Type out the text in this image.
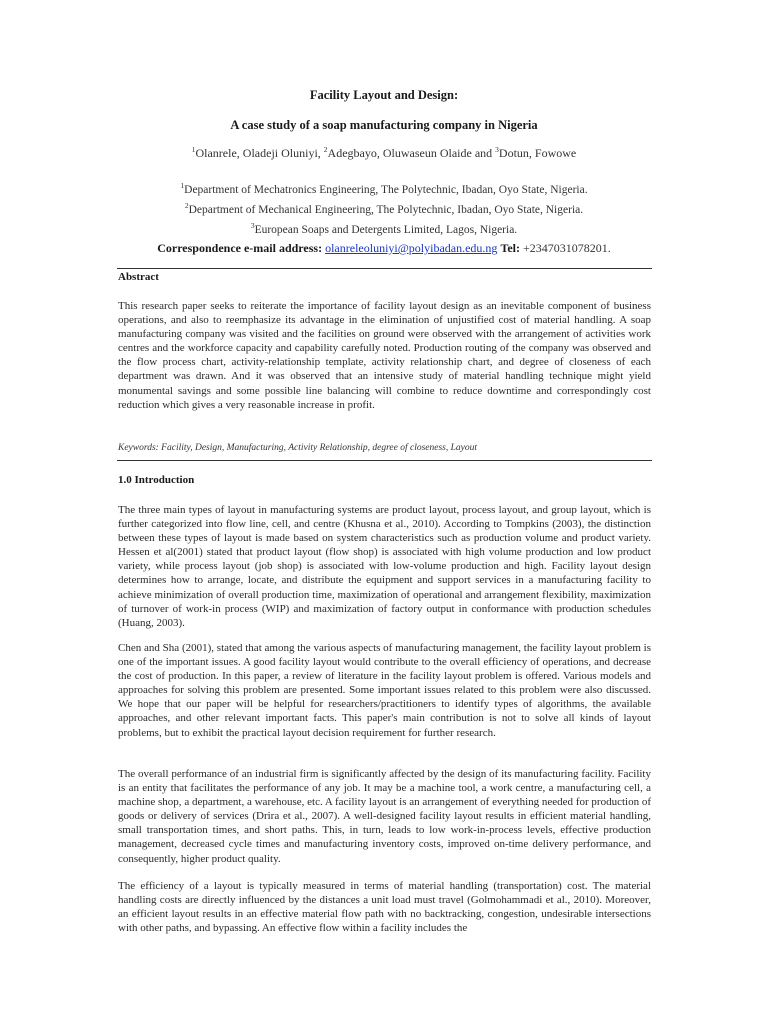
Facility Layout and Design:
A case study of a soap manufacturing company in Nigeria
$^1$Olanrele, Oladeji Oluniyi, $^2$Adegbayo, Oluwaseun Olaide and $^3$Dotun, Fowowe
$^1$Department of Mechatronics Engineering, The Polytechnic, Ibadan, Oyo State, Nigeria.
$^2$Department of Mechanical Engineering, The Polytechnic, Ibadan, Oyo State, Nigeria.
$^3$European Soaps and Detergents Limited, Lagos, Nigeria.
Correspondence e-mail address: olanreleoluniyi@polyibadan.edu.ng Tel: +2347031078201.
Abstract

This research paper seeks to reiterate the importance of facility layout design as an inevitable component of business operations, and also to reemphasize its advantage in the elimination of unjustified cost of material handling. A soap manufacturing company was visited and the facilities on ground were observed with the arrangement of activities work centres and the workforce capacity and capability carefully noted. Production routing of the company was observed and the flow process chart, activity-relationship template, activity relationship chart, and degree of closeness of each department was drawn. And it was observed that an intensive study of material handling technique might yield monumental savings and some possible line balancing will combine to reduce downtime and correspondingly cost reduction which gives a very reasonable increase in profit.

Keywords: Facility, Design, Manufacturing, Activity Relationship, degree of closeness, Layout
1.0 Introduction

The three main types of layout in manufacturing systems are product layout, process layout, and group layout, which is further categorized into flow line, cell, and centre (Khusna et al., 2010). According to Tompkins (2003), the distinction between these types of layout is made based on system characteristics such as production volume and product variety. Hessen et al(2001) stated that product layout (flow shop) is associated with high volume production and low product variety, while process layout (job shop) is associated with low-volume production and high. Facility layout design determines how to arrange, locate, and distribute the equipment and support services in a manufacturing facility to achieve minimization of overall production time, maximization of operational and arrangement flexibility, maximization of turnover of work-in process (WIP) and maximization of factory output in conformance with production schedules (Huang, 2003).

Chen and Sha (2001), stated that among the various aspects of manufacturing management, the facility layout problem is one of the important issues. A good facility layout would contribute to the overall efficiency of operations, and decrease the cost of production. In this paper, a review of literature in the facility layout problem is offered. Various models and approaches for solving this problem are presented. Some important issues related to this problem were also discussed. We hope that our paper will be helpful for researchers/practitioners to identify types of algorithms, the available approaches, and other relevant important facts. This paper's main contribution is not to solve all kinds of layout problems, but to exhibit the practical layout decision requirement for further research.

The overall performance of an industrial firm is significantly affected by the design of its manufacturing facility. Facility is an entity that facilitates the performance of any job. It may be a machine tool, a work centre, a manufacturing cell, a machine shop, a department, a warehouse, etc. A facility layout is an arrangement of everything needed for production of goods or delivery of services (Drira et al., 2007). A well-designed facility layout results in efficient material handling, small transportation times, and short paths. This, in turn, leads to low work-in-process levels, effective production management, decreased cycle times and manufacturing inventory costs, improved on-time delivery performance, and consequently, higher product quality.

The efficiency of a layout is typically measured in terms of material handling (transportation) cost. The material handling costs are directly influenced by the distances a unit load must travel (Golmohammadi et al., 2010). Moreover, an efficient layout results in an effective material flow path with no backtracking, congestion, undesirable intersections with other paths, and bypassing. An effective flow within a facility includes the
